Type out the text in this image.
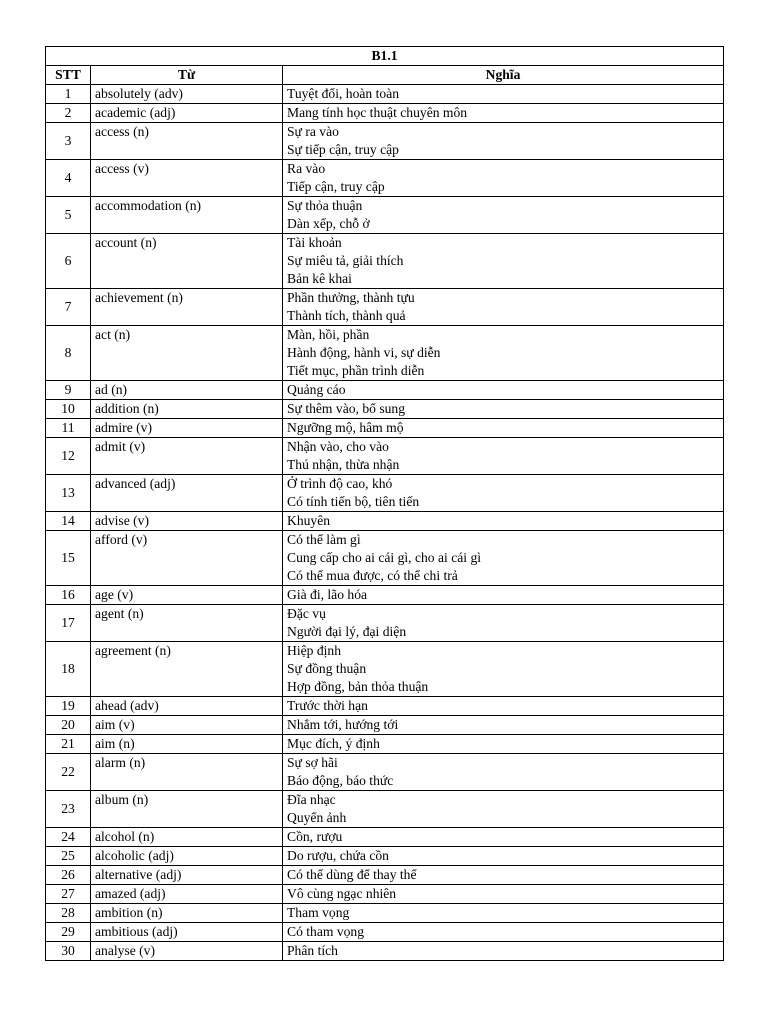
B1.1		
STT	Từ	Nghĩa
1	absolutely (adv)	Tuyệt đối, hoàn toàn

2	academic (adj)	Mang tính học thuật chuyên môn

3	access (n)	Sự ra vào
Sự tiếp cận, truy cập

4	access (v)	Ra vào
Tiếp cận, truy cập

5	accommodation (n)	Sự thỏa thuận
Dàn xếp, chỗ ở

6	account (n)	Tài khoản
Sự miêu tả, giải thích
Bản kê khai

7	achievement (n)	Phần thưởng, thành tựu
Thành tích, thành quả

8	act (n)	Màn, hồi, phần
Hành động, hành vi, sự diễn
Tiết mục, phần trình diễn

9	ad (n)	Quảng cáo

10	addition (n)	Sự thêm vào, bổ sung

11	admire (v)	Ngưỡng mộ, hâm mộ

12	admit (v)	Nhận vào, cho vào
Thú nhận, thừa nhận

13	advanced (adj)	Ở trình độ cao, khó
Có tính tiến bộ, tiên tiến

14	advise (v)	Khuyên

15	afford (v)	Có thể làm gì
Cung cấp cho ai cái gì, cho ai cái gì
Có thể mua được, có thể chi trả

16	age (v)	Già đi, lão hóa

17	agent (n)	Đặc vụ
Người đại lý, đại diện

18	agreement (n)	Hiệp định
Sự đồng thuận
Hợp đồng, bản thỏa thuận

19	ahead (adv)	Trước thời hạn

20	aim (v)	Nhắm tới, hướng tới

21	aim (n)	Mục đích, ý định

22	alarm (n)	Sự sợ hãi
Báo động, báo thức

23	album (n)	Đĩa nhạc
Quyển ảnh

24	alcohol (n)	Cồn, rượu

25	alcoholic (adj)	Do rượu, chứa cồn

26	alternative (adj)	Có thể dùng để thay thế

27	amazed (adj)	Vô cùng ngạc nhiên

28	ambition (n)	Tham vọng

29	ambitious (adj)	Có tham vọng

30	analyse (v)	Phân tích
